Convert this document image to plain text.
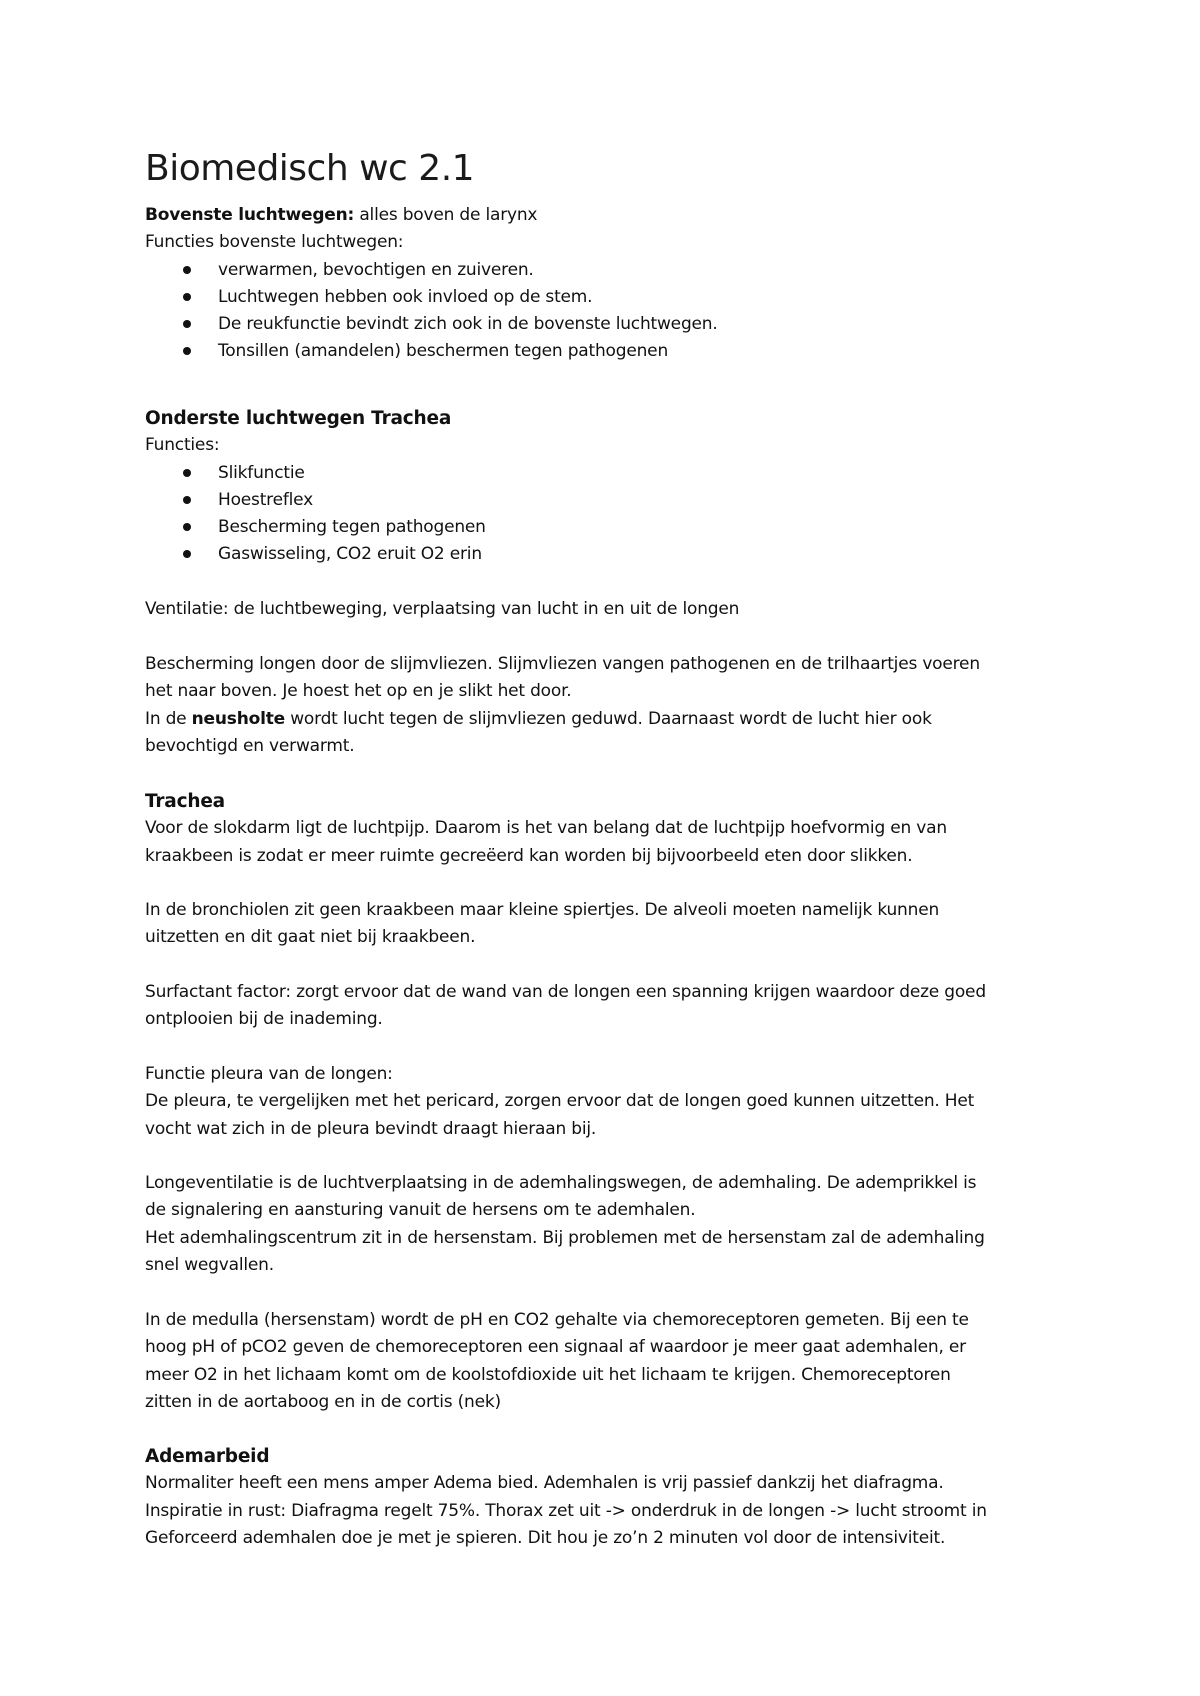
Biomedisch wc 2.1
Bovenste luchtwegen: alles boven de larynx
Functies bovenste luchtwegen:
verwarmen, bevochtigen en zuiveren.
Luchtwegen hebben ook invloed op de stem.
De reukfunctie bevindt zich ook in de bovenste luchtwegen.
Tonsillen (amandelen) beschermen tegen pathogenen
Onderste luchtwegen Trachea
Functies:
Slikfunctie
Hoestreflex
Bescherming tegen pathogenen
Gaswisseling, CO2 eruit O2 erin
Ventilatie: de luchtbeweging, verplaatsing van lucht in en uit de longen
Bescherming longen door de slijmvliezen. Slijmvliezen vangen pathogenen en de trilhaartjes voeren
het naar boven. Je hoest het op en je slikt het door.
In de neusholte wordt lucht tegen de slijmvliezen geduwd. Daarnaast wordt de lucht hier ook
bevochtigd en verwarmt.
Trachea
Voor de slokdarm ligt de luchtpijp. Daarom is het van belang dat de luchtpijp hoefvormig en van
kraakbeen is zodat er meer ruimte gecreëerd kan worden bij bijvoorbeeld eten door slikken.
In de bronchiolen zit geen kraakbeen maar kleine spiertjes. De alveoli moeten namelijk kunnen
uitzetten en dit gaat niet bij kraakbeen.
Surfactant factor: zorgt ervoor dat de wand van de longen een spanning krijgen waardoor deze goed
ontplooien bij de inademing.
Functie pleura van de longen:
De pleura, te vergelijken met het pericard, zorgen ervoor dat de longen goed kunnen uitzetten. Het
vocht wat zich in de pleura bevindt draagt hieraan bij.
Longeventilatie is de luchtverplaatsing in de ademhalingswegen, de ademhaling. De ademprikkel is
de signalering en aansturing vanuit de hersens om te ademhalen.
Het ademhalingscentrum zit in de hersenstam. Bij problemen met de hersenstam zal de ademhaling
snel wegvallen.
In de medulla (hersenstam) wordt de pH en CO2 gehalte via chemoreceptoren gemeten. Bij een te
hoog pH of pCO2 geven de chemoreceptoren een signaal af waardoor je meer gaat ademhalen, er
meer O2 in het lichaam komt om de koolstofdioxide uit het lichaam te krijgen. Chemoreceptoren
zitten in de aortaboog en in de cortis (nek)
Ademarbeid
Normaliter heeft een mens amper Adema bied. Ademhalen is vrij passief dankzij het diafragma.
Inspiratie in rust: Diafragma regelt 75%. Thorax zet uit -> onderdruk in de longen -> lucht stroomt in
Geforceerd ademhalen doe je met je spieren. Dit hou je zo’n 2 minuten vol door de intensiviteit.
